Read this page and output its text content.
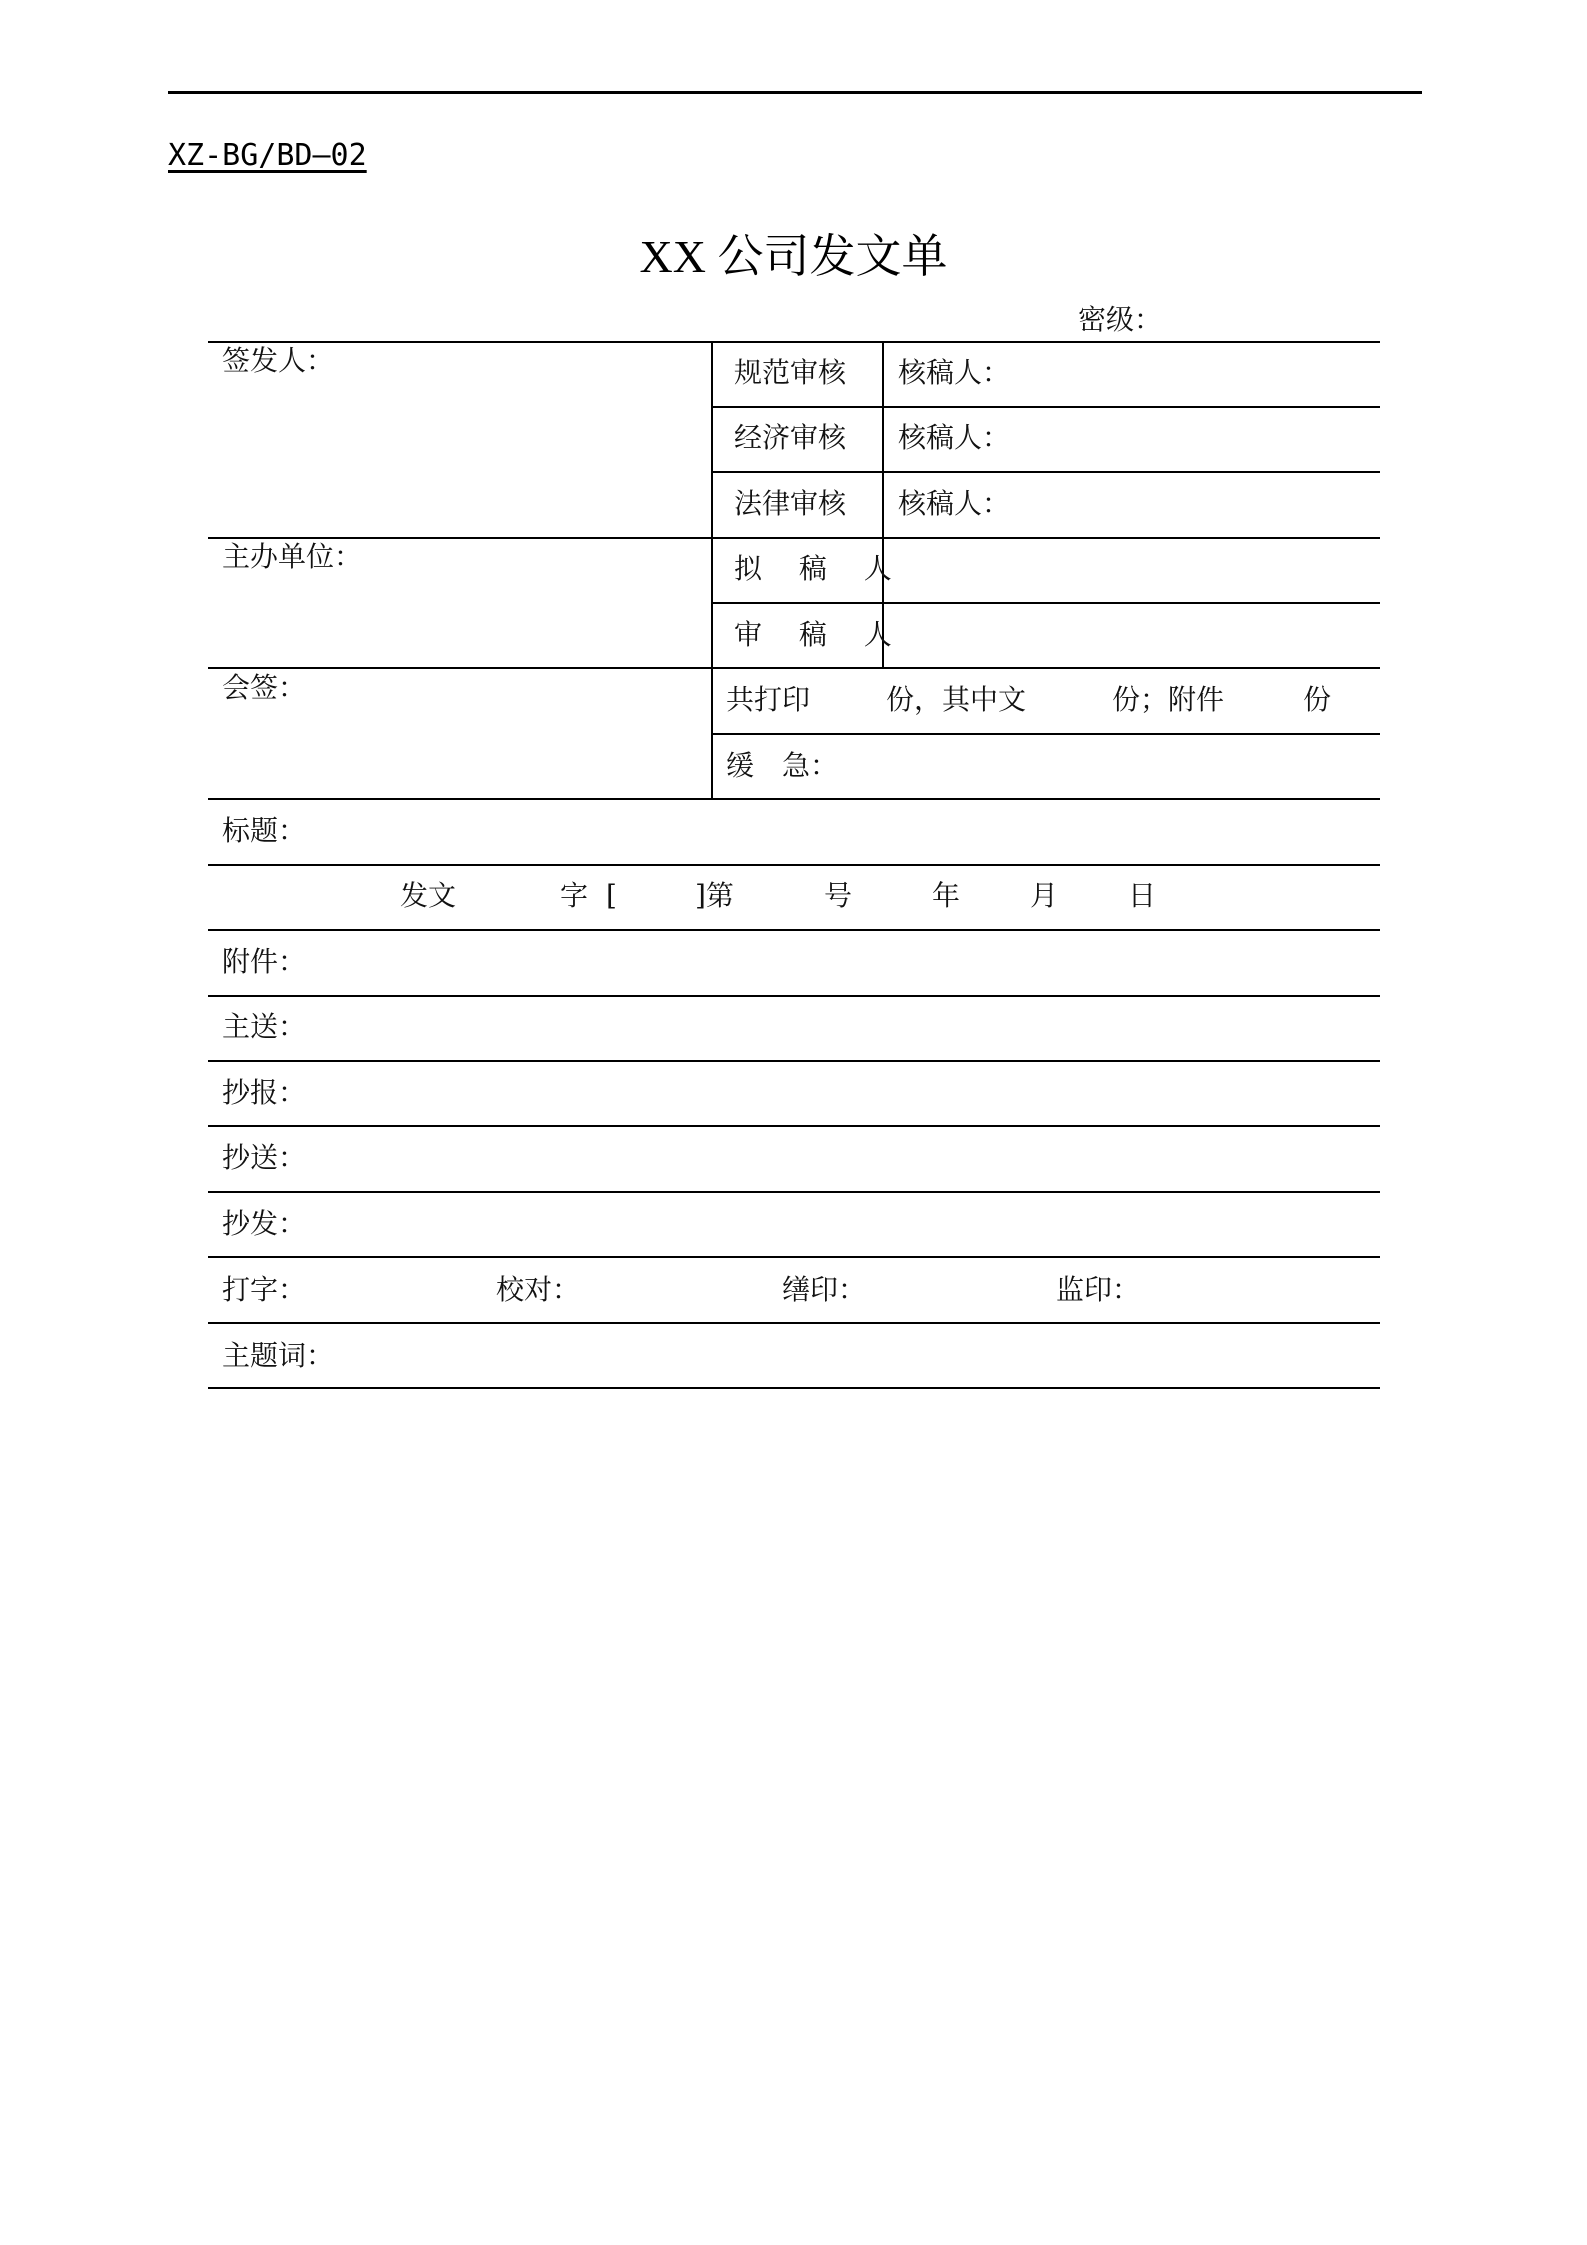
XZ-BG/BD—02
XX 公司发文单
密级：
签发人：	规范审核 核稿人：
经济审核 核稿人：
法律审核 核稿人：
主办单位：	拟 稿 人
审 稿 人
会签：	共打印	份，其中文	份；附件	份
缓　急：
标题：
发文	字 [	]第	号	年 月 日
附件：
主送：
抄报：
抄送：
抄发：
打字：	校对：	缮印：	监印：
主题词：
